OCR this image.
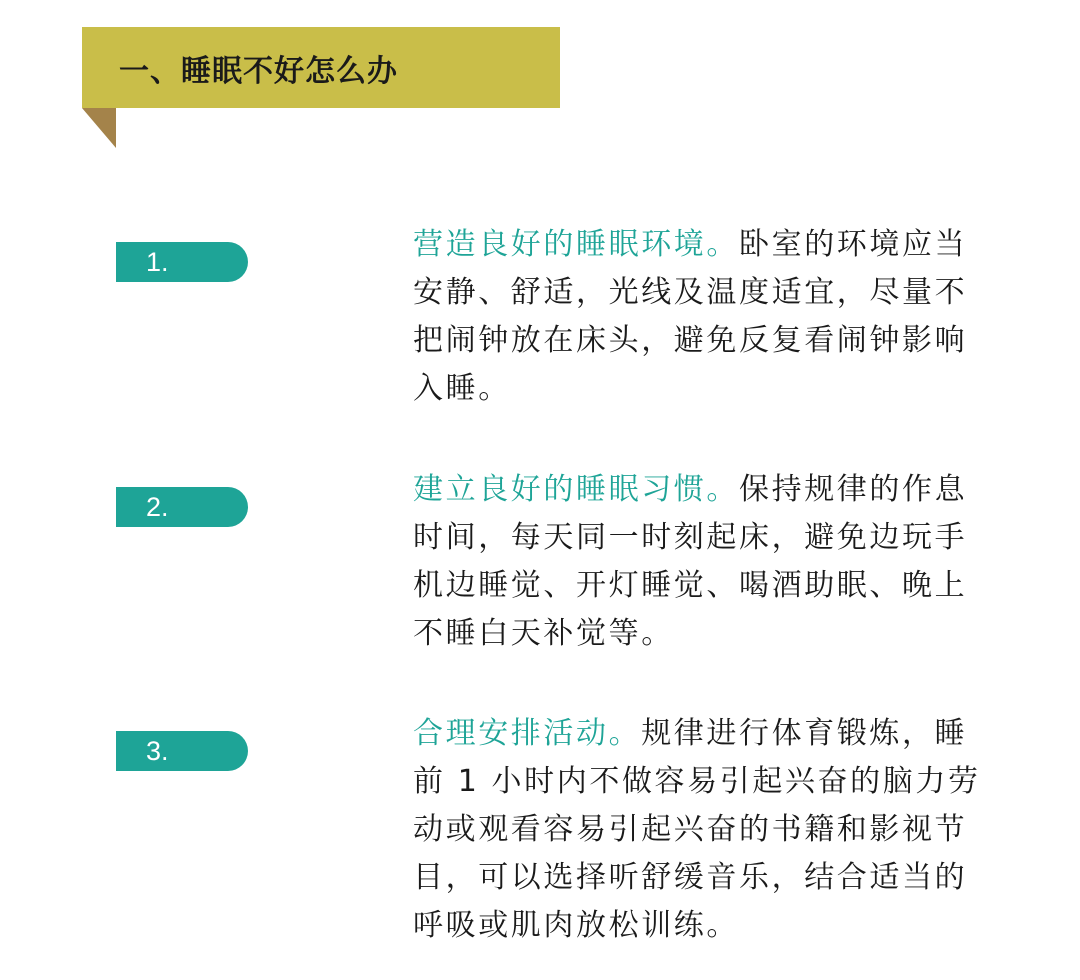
一、睡眠不好怎么办
1.	营造良好的睡眠环境。卧室的环境应当安静、舒适，光线及温度适宜，尽量不把闹钟放在床头，避免反复看闹钟影响入睡。

2.	建立良好的睡眠习惯。保持规律的作息时间，每天同一时刻起床，避免边玩手机边睡觉、开灯睡觉、喝酒助眠、晚上不睡白天补觉等。

3.	合理安排活动。规律进行体育锻炼，睡前 1 小时内不做容易引起兴奋的脑力劳动或观看容易引起兴奋的书籍和影视节目，可以选择听舒缓音乐，结合适当的呼吸或肌肉放松训练。
